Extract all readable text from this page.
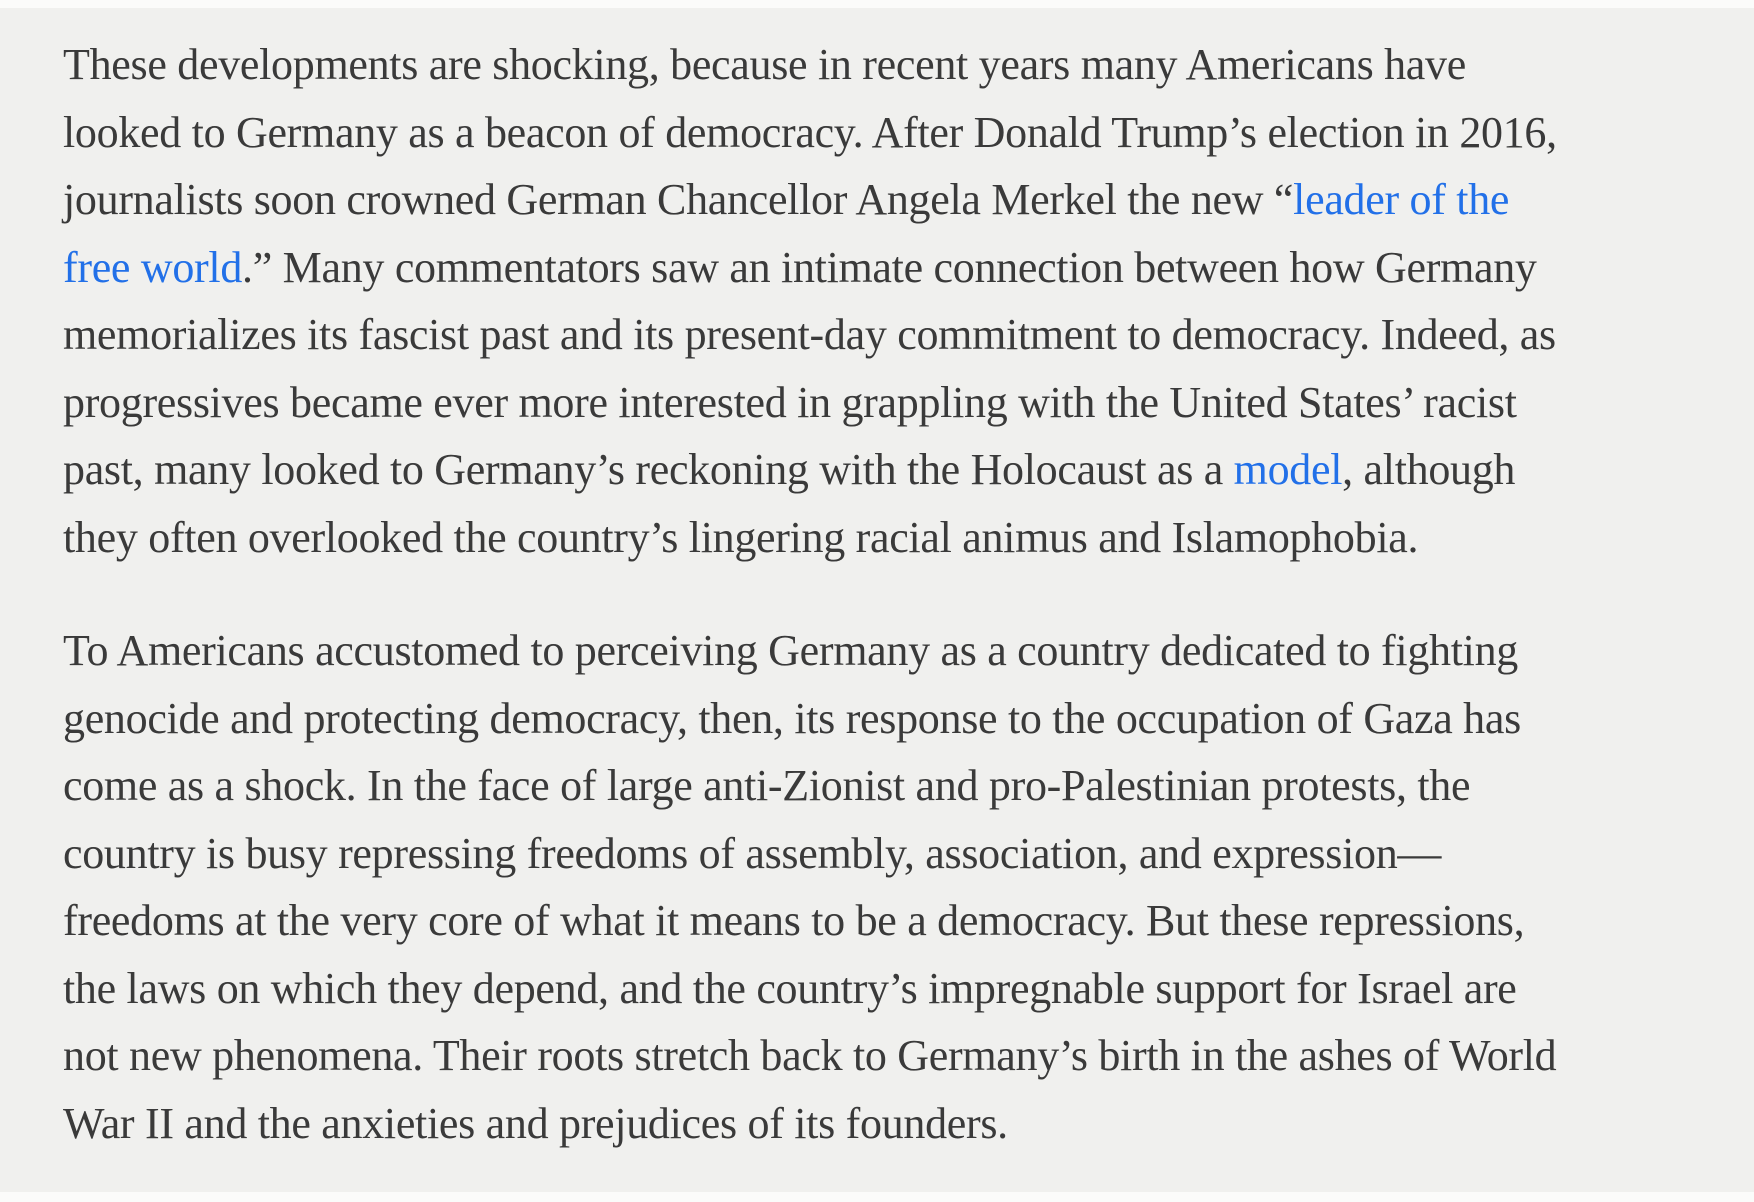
These developments are shocking, because in recent years many Americans have
looked to Germany as a beacon of democracy. After Donald Trump’s election in 2016,
journalists soon crowned German Chancellor Angela Merkel the new “leader of the
free world.” Many commentators saw an intimate connection between how Germany
memorializes its fascist past and its present-day commitment to democracy. Indeed, as
progressives became ever more interested in grappling with the United States’ racist
past, many looked to Germany’s reckoning with the Holocaust as a model, although
they often overlooked the country’s lingering racial animus and Islamophobia.
To Americans accustomed to perceiving Germany as a country dedicated to fighting
genocide and protecting democracy, then, its response to the occupation of Gaza has
come as a shock. In the face of large anti-Zionist and pro-Palestinian protests, the
country is busy repressing freedoms of assembly, association, and expression—
freedoms at the very core of what it means to be a democracy. But these repressions,
the laws on which they depend, and the country’s impregnable support for Israel are
not new phenomena. Their roots stretch back to Germany’s birth in the ashes of World
War II and the anxieties and prejudices of its founders.
